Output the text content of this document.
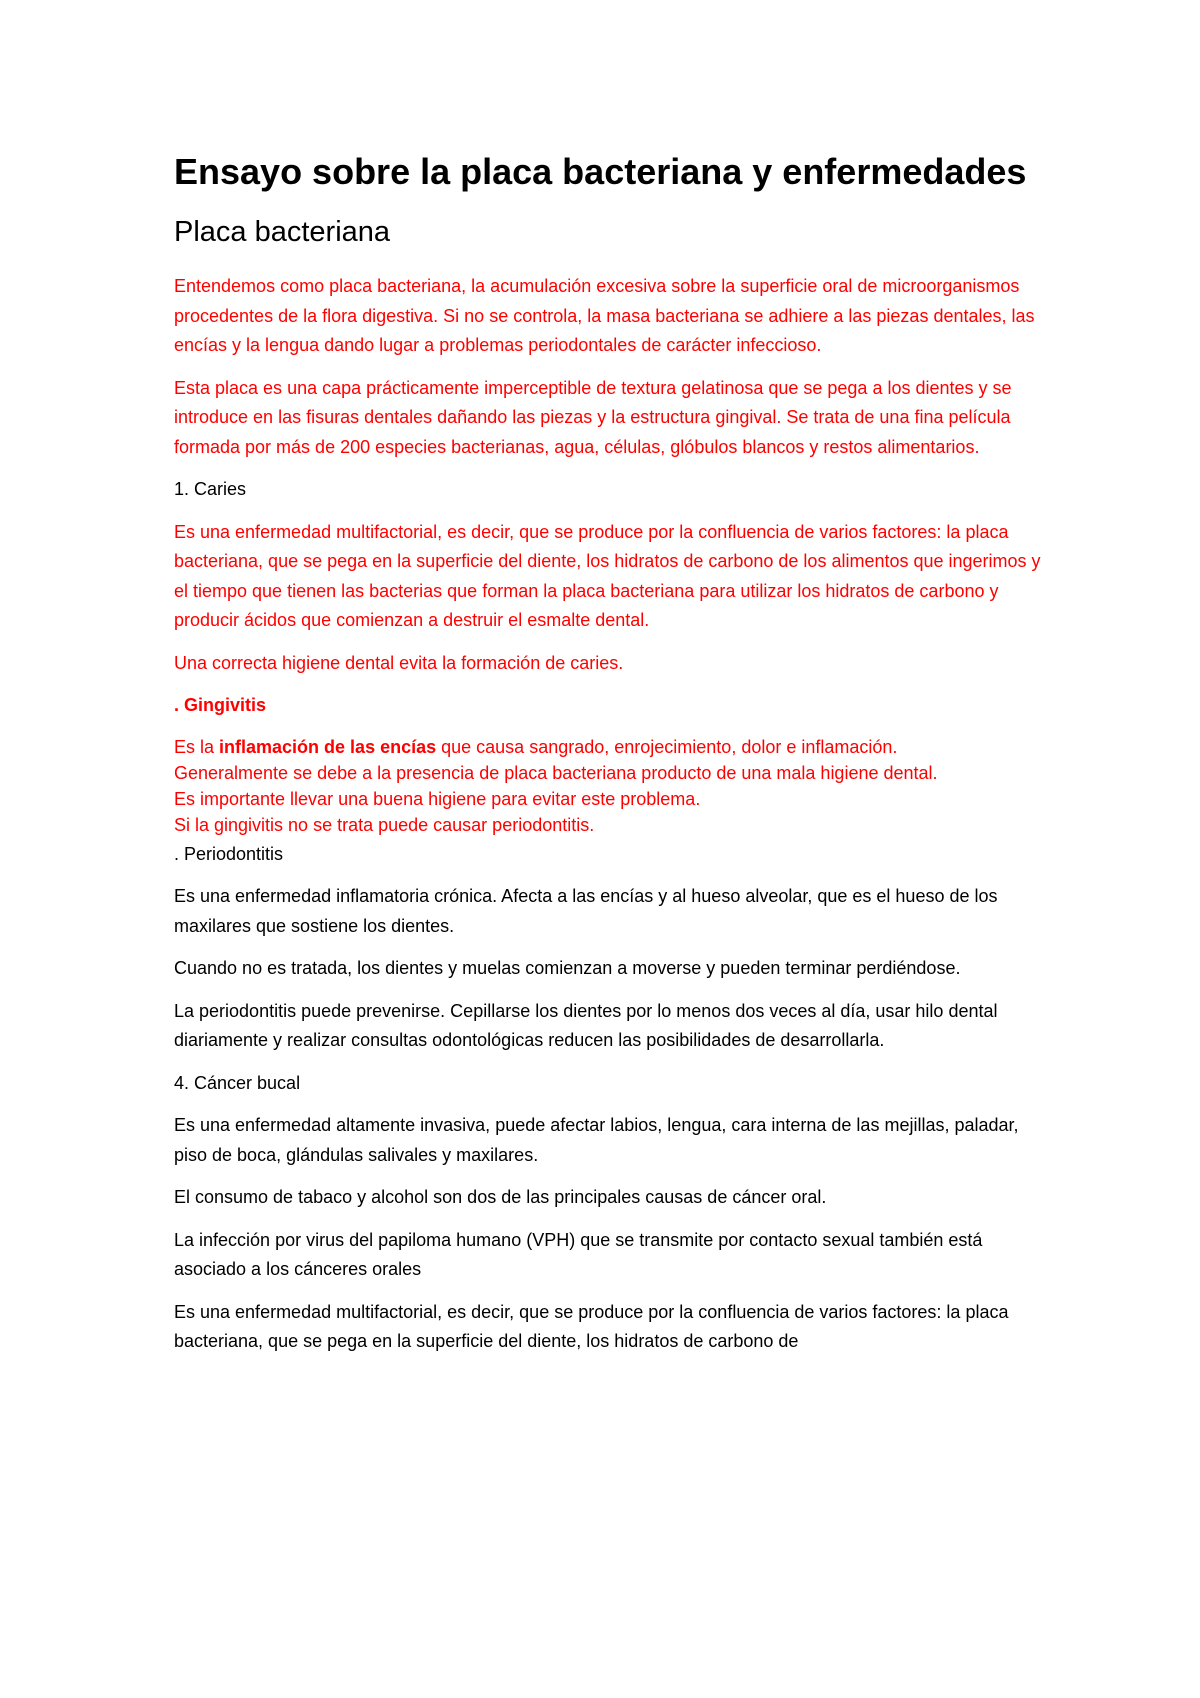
Ensayo sobre la placa bacteriana y enfermedades
Placa bacteriana

Entendemos como placa bacteriana, la acumulación excesiva sobre la superficie oral de microorganismos procedentes de la flora digestiva. Si no se controla, la masa bacteriana se adhiere a las piezas dentales, las encías y la lengua dando lugar a problemas periodontales de carácter infeccioso.

Esta placa es una capa prácticamente imperceptible de textura gelatinosa que se pega a los dientes y se introduce en las fisuras dentales dañando las piezas y la estructura gingival. Se trata de una fina película formada por más de 200 especies bacterianas, agua, células, glóbulos blancos y restos alimentarios.

1. Caries

Es una enfermedad multifactorial, es decir, que se produce por la confluencia de varios factores: la placa bacteriana, que se pega en la superficie del diente, los hidratos de carbono de los alimentos que ingerimos y el tiempo que tienen las bacterias que forman la placa bacteriana para utilizar los hidratos de carbono y producir ácidos que comienzan a destruir el esmalte dental.

Una correcta higiene dental evita la formación de caries.

. Gingivitis

Es la inflamación de las encías que causa sangrado, enrojecimiento, dolor e inflamación.
Generalmente se debe a la presencia de placa bacteriana producto de una mala higiene dental.
Es importante llevar una buena higiene para evitar este problema.
Si la gingivitis no se trata puede causar periodontitis.

. Periodontitis

Es una enfermedad inflamatoria crónica. Afecta a las encías y al hueso alveolar, que es el hueso de los maxilares que sostiene los dientes.

Cuando no es tratada, los dientes y muelas comienzan a moverse y pueden terminar perdiéndose.

La periodontitis puede prevenirse. Cepillarse los dientes por lo menos dos veces al día, usar hilo dental diariamente y realizar consultas odontológicas reducen las posibilidades de desarrollarla.

4. Cáncer bucal

Es una enfermedad altamente invasiva, puede afectar labios, lengua, cara interna de las mejillas, paladar, piso de boca, glándulas salivales y maxilares.

El consumo de tabaco y alcohol son dos de las principales causas de cáncer oral.

La infección por virus del papiloma humano (VPH) que se transmite por contacto sexual también está asociado a los cánceres orales

Es una enfermedad multifactorial, es decir, que se produce por la confluencia de varios factores: la placa bacteriana, que se pega en la superficie del diente, los hidratos de carbono de
